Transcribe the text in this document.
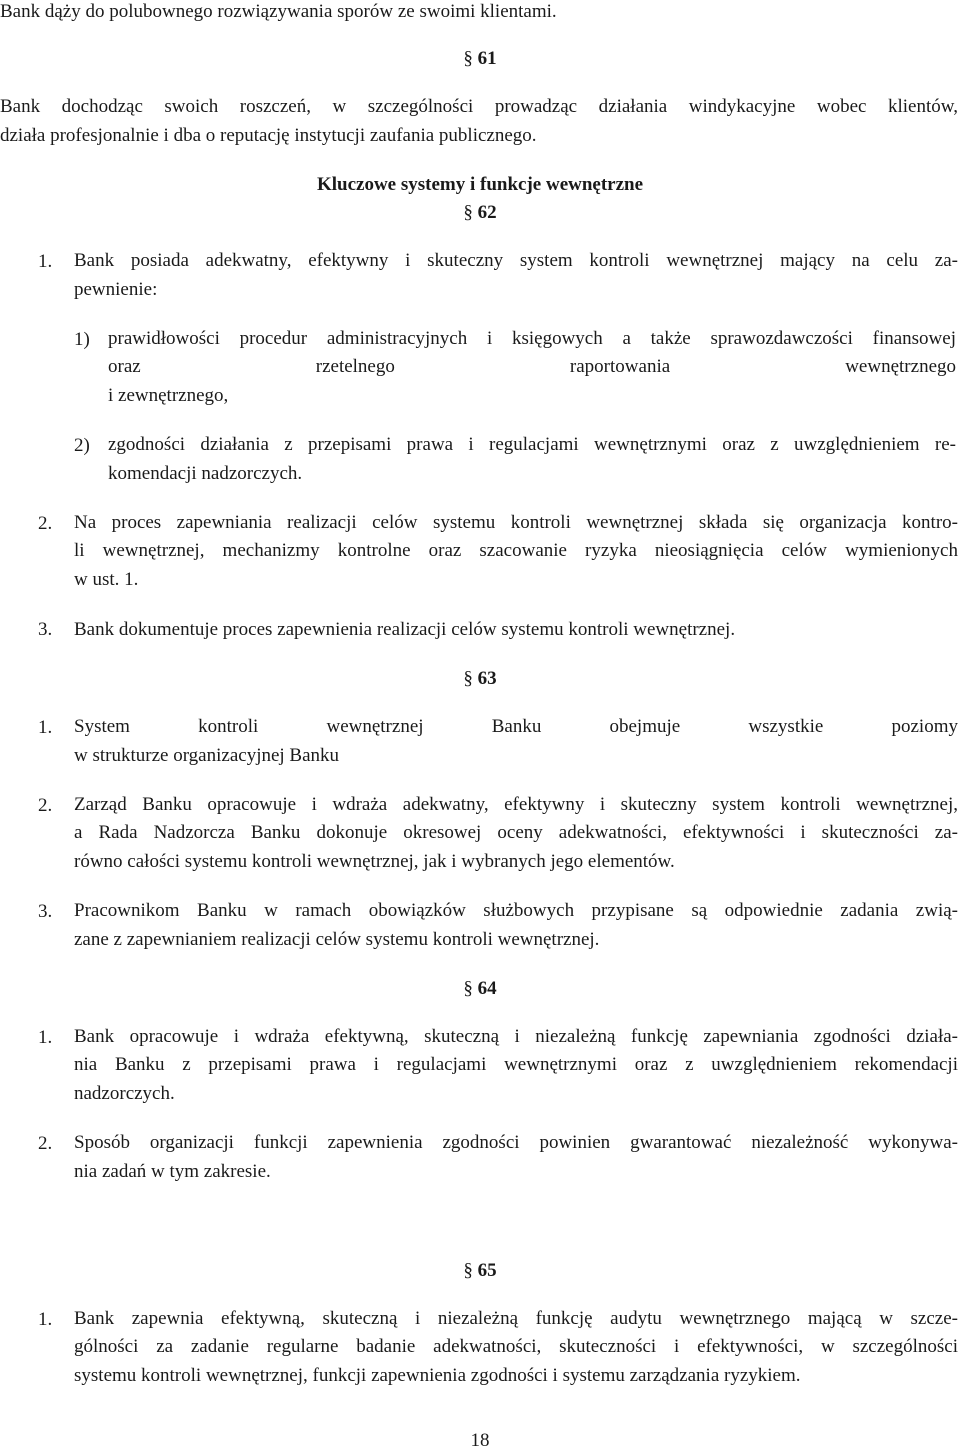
Bank dąży do polubownego rozwiązywania sporów ze swoimi klientami.
§ 61
Bank dochodząc swoich roszczeń, w szczególności prowadząc działania windykacyjne wobec klientów,
działa profesjonalnie i dba o reputację instytucji zaufania publicznego.
Kluczowe systemy i funkcje wewnętrzne
§ 62
1. Bank posiada adekwatny, efektywny i skuteczny system kontroli wewnętrznej mający na celu za-
pewnienie:
1) prawidłowości procedur administracyjnych i księgowych a także sprawozdawczości finansowej
oraz rzetelnego raportowania wewnętrznego
i zewnętrznego,
2) zgodności działania z przepisami prawa i regulacjami wewnętrznymi oraz z uwzględnieniem re-
komendacji nadzorczych.
2. Na proces zapewniania realizacji celów systemu kontroli wewnętrznej składa się organizacja kontro-
li wewnętrznej, mechanizmy kontrolne oraz szacowanie ryzyka nieosiągnięcia celów wymienionych
w ust. 1.
3. Bank dokumentuje proces zapewnienia realizacji celów systemu kontroli wewnętrznej.
§ 63
1. System kontroli wewnętrznej Banku obejmuje wszystkie poziomy
w strukturze organizacyjnej Banku
2. Zarząd Banku opracowuje i wdraża adekwatny, efektywny i skuteczny system kontroli wewnętrznej,
a Rada Nadzorcza Banku dokonuje okresowej oceny adekwatności, efektywności i skuteczności za-
równo całości systemu kontroli wewnętrznej, jak i wybranych jego elementów.
3. Pracownikom Banku w ramach obowiązków służbowych przypisane są odpowiednie zadania zwią-
zane z zapewnianiem realizacji celów systemu kontroli wewnętrznej.
§ 64
1. Bank opracowuje i wdraża efektywną, skuteczną i niezależną funkcję zapewniania zgodności działa-
nia Banku z przepisami prawa i regulacjami wewnętrznymi oraz z uwzględnieniem rekomendacji
nadzorczych.
2. Sposób organizacji funkcji zapewnienia zgodności powinien gwarantować niezależność wykonywa-
nia zadań w tym zakresie.
§ 65
1. Bank zapewnia efektywną, skuteczną i niezależną funkcję audytu wewnętrznego mającą w szcze-
gólności za zadanie regularne badanie adekwatności, skuteczności i efektywności, w szczególności
systemu kontroli wewnętrznej, funkcji zapewnienia zgodności i systemu zarządzania ryzykiem.
18
